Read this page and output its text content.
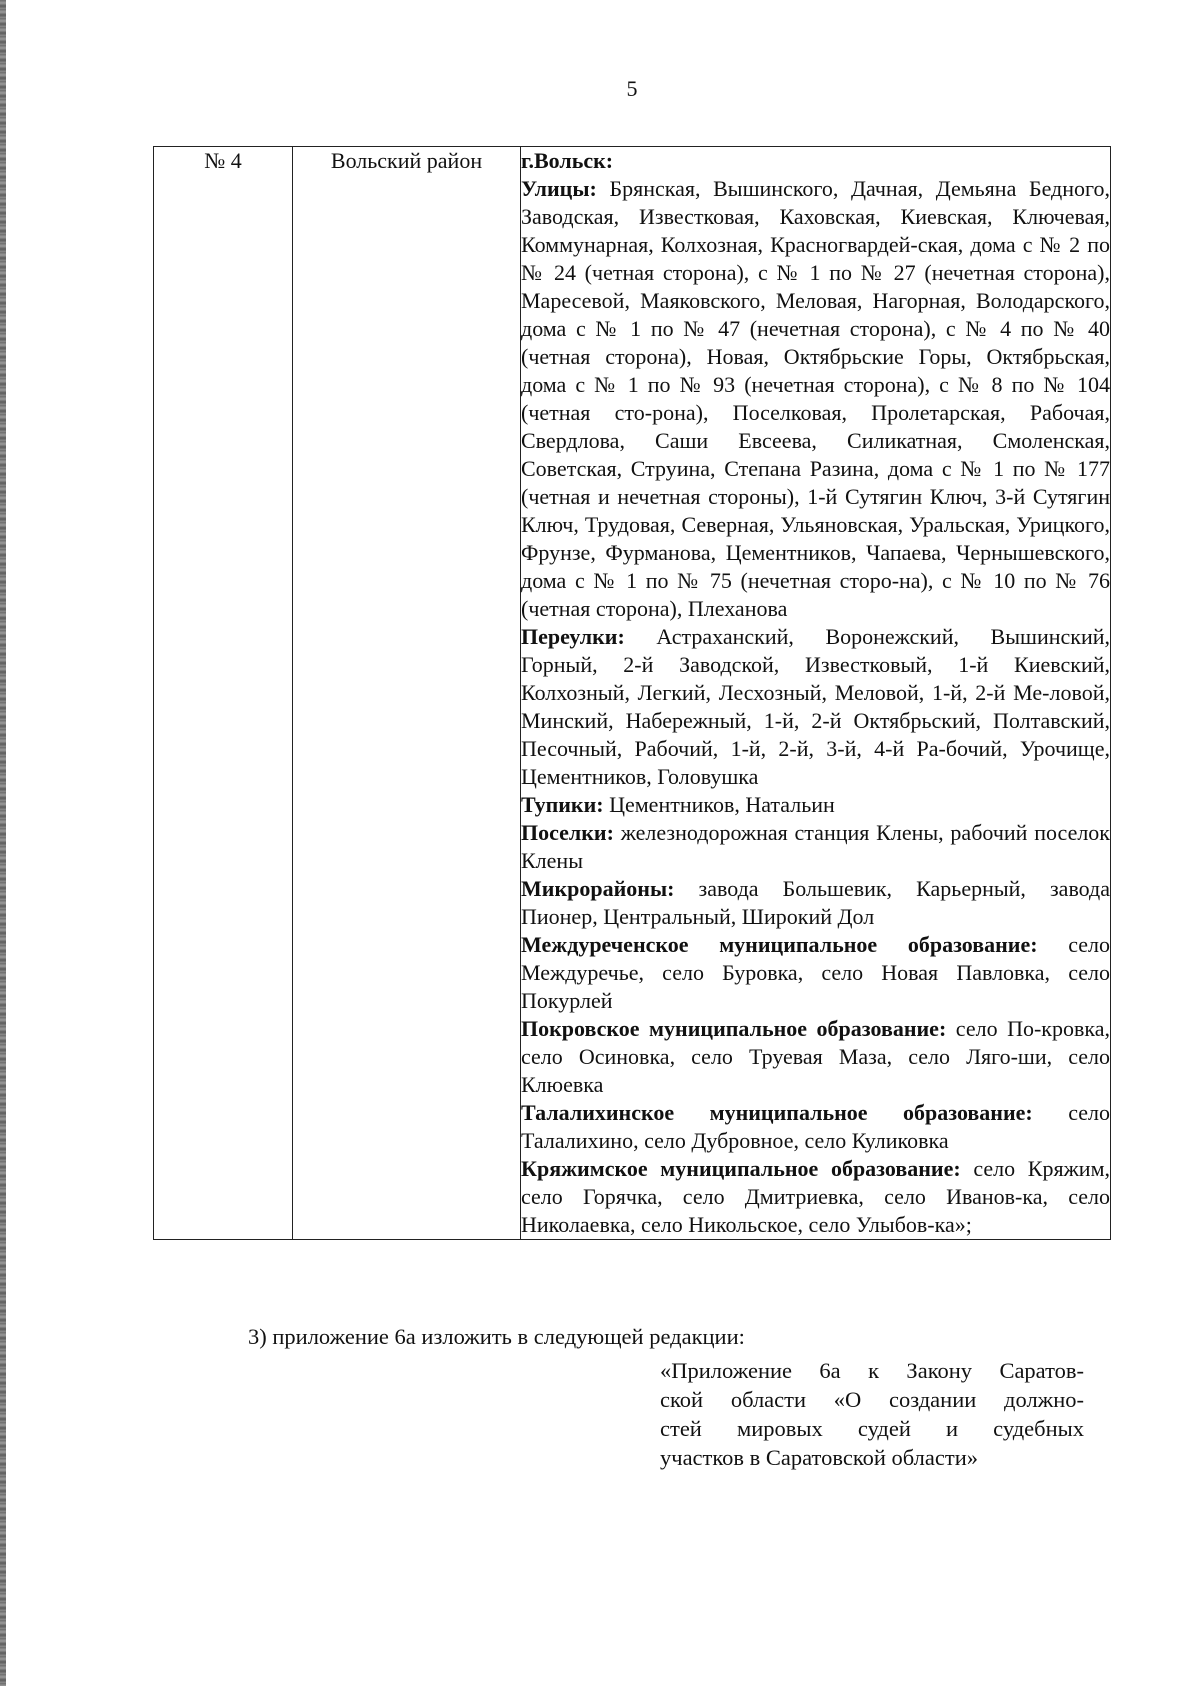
5
№ 4	Вольский район	г.Вольск:
Улицы: Брянская, Вышинского, Дачная, Демьяна Бедного, Заводская, Известковая, Каховская, Киевская, Ключевая, Коммунарная, Колхозная, Красногвардей-ская, дома с № 2 по № 24 (четная сторона), с № 1 по № 27 (нечетная сторона), Маресевой, Маяковского, Меловая, Нагорная, Володарского, дома с № 1 по № 47 (нечетная сторона), с № 4 по № 40 (четная сторона), Новая, Октябрьские Горы, Октябрьская, дома с № 1 по № 93 (нечетная сторона), с № 8 по № 104 (четная сто-рона), Поселковая, Пролетарская, Рабочая, Свердлова, Саши Евсеева, Силикатная, Смоленская, Советская, Струина, Степана Разина, дома с № 1 по № 177 (четная и нечетная стороны), 1-й Сутягин Ключ, 3-й Сутягин Ключ, Трудовая, Северная, Ульяновская, Уральская, Урицкого, Фрунзе, Фурманова, Цементников, Чапаева, Чернышевского, дома с № 1 по № 75 (нечетная сторо-на), с № 10 по № 76 (четная сторона), Плеханова
Переулки: Астраханский, Воронежский, Вышинский, Горный, 2-й Заводской, Известковый, 1-й Киевский, Колхозный, Легкий, Лесхозный, Меловой, 1-й, 2-й Ме-ловой, Минский, Набережный, 1-й, 2-й Октябрьский, Полтавский, Песочный, Рабочий, 1-й, 2-й, 3-й, 4-й Ра-бочий, Урочище, Цементников, Головушка
Тупики: Цементников, Натальин
Поселки: железнодорожная станция Клены, рабочий поселок Клены
Микрорайоны: завода Большевик, Карьерный, завода Пионер, Центральный, Широкий Дол
Междуреченское муниципальное образование: село Междуречье, село Буровка, село Новая Павловка, село Покурлей
Покровское муниципальное образование: село По-кровка, село Осиновка, село Труевая Маза, село Ляго-ши, село Клюевка
Талалихинское муниципальное образование: село Талалихино, село Дубровное, село Куликовка
Кряжимское муниципальное образование: село Кряжим, село Горячка, село Дмитриевка, село Иванов-ка, село Николаевка, село Никольское, село Улыбов-ка»;
3) приложение 6а изложить в следующей редакции:
«Приложение 6а к Закону Саратов-
ской области «О создании должно-
стей мировых судей и судебных
участков в Саратовской области»
